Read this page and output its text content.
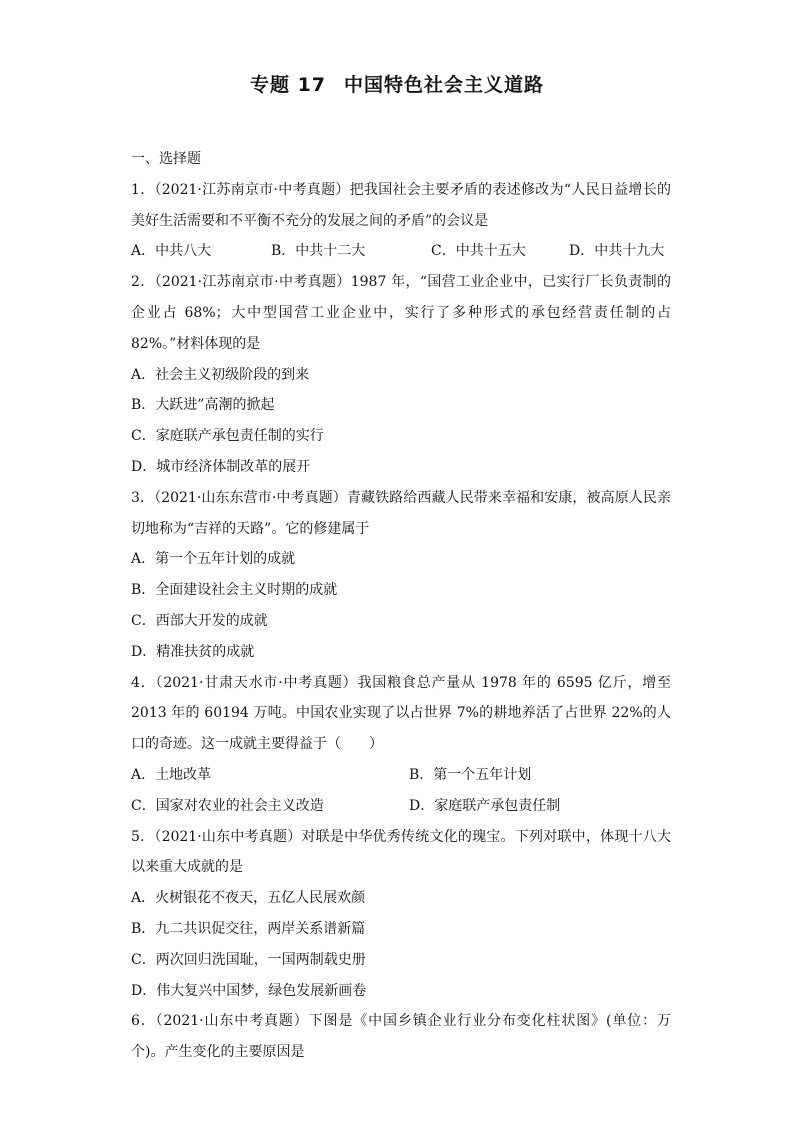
专题 17 中国特色社会主义道路
一、选择题
1．（2021·江苏南京市·中考真题）把我国社会主要矛盾的表述修改为“人民日益增长的美好生活需要和不平衡不充分的发展之间的矛盾”的会议是
A．中共八大	B．中共十二大	C．中共十五大	D．中共十九大
2．（2021·江苏南京市·中考真题）1987 年，“国营工业企业中，已实行厂长负责制的企业占 68%；大中型国营工业企业中，实行了多种形式的承包经营责任制的占 82%。”材料体现的是
A．社会主义初级阶段的到来
B．大跃进”高潮的掀起
C．家庭联产承包责任制的实行
D．城市经济体制改革的展开
3．（2021·山东东营市·中考真题）青藏铁路给西藏人民带来幸福和安康，被高原人民亲切地称为“吉祥的天路”。它的修建属于
A．第一个五年计划的成就
B．全面建设社会主义时期的成就
C．西部大开发的成就
D．精准扶贫的成就
4．（2021·甘肃天水市·中考真题）我国粮食总产量从 1978 年的 6595 亿斤，增至 2013 年的 60194 万吨。中国农业实现了以占世界 7%的耕地养活了占世界 22%的人口的奇迹。这一成就主要得益于（　　）
A．土地改革	B．第一个五年计划
C．国家对农业的社会主义改造	D．家庭联产承包责任制
5．（2021·山东中考真题）对联是中华优秀传统文化的瑰宝。下列对联中，体现十八大以来重大成就的是
A．火树银花不夜天，五亿人民展欢颜
B．九二共识促交往，两岸关系谱新篇
C．两次回归洗国耻，一国两制载史册
D．伟大复兴中国梦，绿色发展新画卷
6．（2021·山东中考真题）下图是《中国乡镇企业行业分布变化柱状图》(单位：万个)。产生变化的主要原因是
